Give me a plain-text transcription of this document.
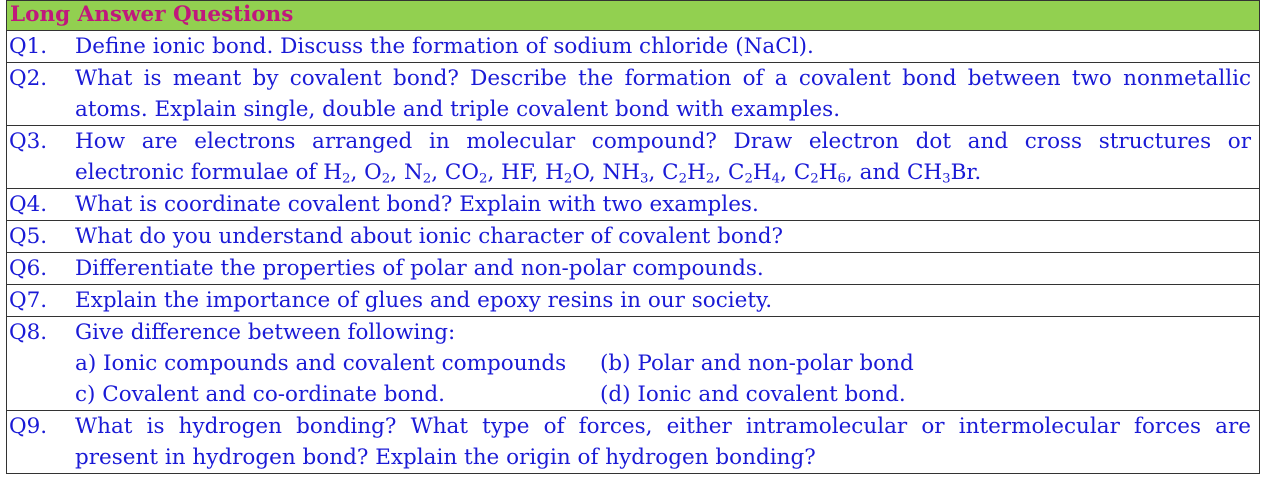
Long Answer Questions
Q1.	Define ionic bond. Discuss the formation of sodium chloride (NaCl).
Q2.	What is meant by covalent bond? Describe the formation of a covalent bond between two nonmetallic
atoms. Explain single, double and triple covalent bond with examples.
Q3.	How are electrons arranged in molecular compound? Draw electron dot and cross structures or
electronic formulae of $H_2$, $O_2$, $N_2$, $CO_2$, HF, $H_2O$, $NH_3$, $C_2H_2$, $C_2H_4$, $C_2H_6$, and $CH_3Br$.
Q4.	What is coordinate covalent bond? Explain with two examples.
Q5.	What do you understand about ionic character of covalent bond?
Q6.	Differentiate the properties of polar and non-polar compounds.
Q7.	Explain the importance of glues and epoxy resins in our society.
Q8.	Give difference between following:
a) Ionic compounds and covalent compounds	(b) Polar and non-polar bond
c) Covalent and co-ordinate bond.	(d) Ionic and covalent bond.
Q9.	What is hydrogen bonding? What type of forces, either intramolecular or intermolecular forces are
present in hydrogen bond? Explain the origin of hydrogen bonding?
